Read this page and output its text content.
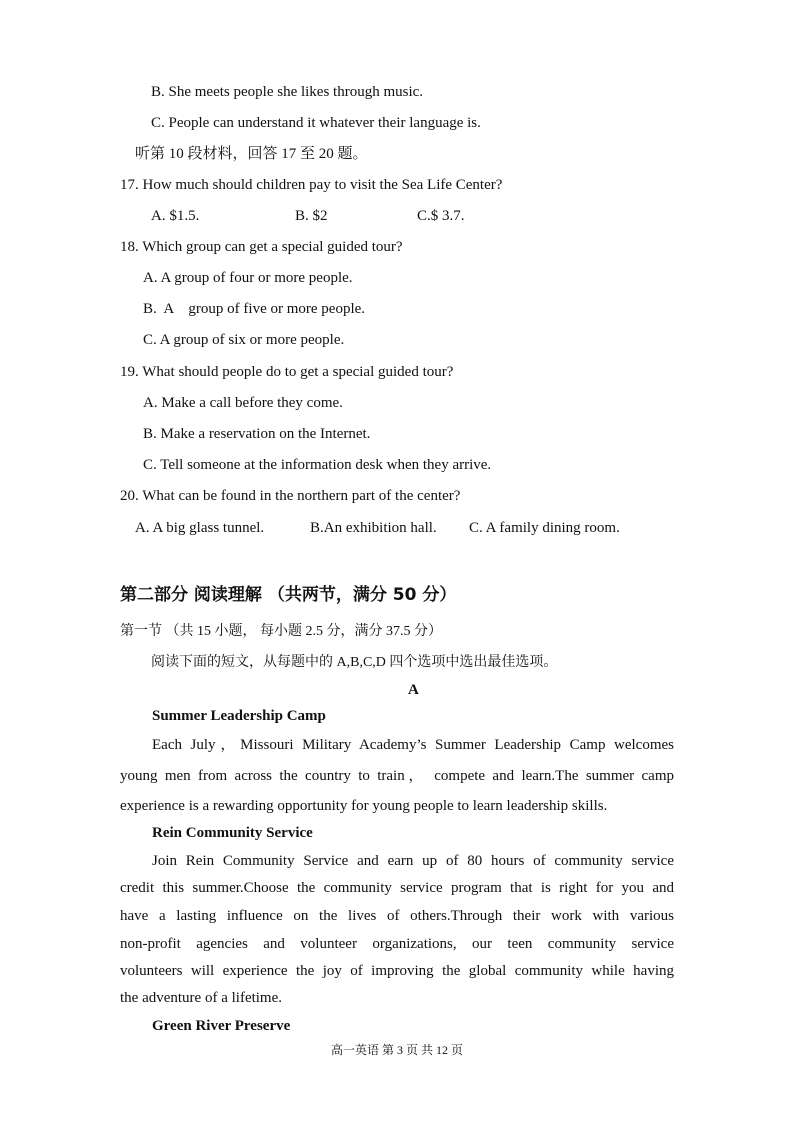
B. She meets people she likes through music.
C. People can understand it whatever their language is.
听第 10 段材料，回答 17 至 20 题。
17. How much should children pay to visit the Sea Life Center?
A. $1.5.	B. $2	C.$ 3.7.
18. Which group can get a special guided tour?
A. A group of four or more people.
B.  A    group of five or more people.
C. A group of six or more people.
19. What should people do to get a special guided tour?
A. Make a call before they come.
B. Make a reservation on the Internet.
C. Tell someone at the information desk when they arrive.
20. What can be found in the northern part of the center?
A. A big glass tunnel.	B.An exhibition hall. C. A family dining room.
第二部分 阅读理解 （共两节，满分 50 分）
第一节 （共 15 小题， 每小题 2.5 分，满分 37.5 分）
阅读下面的短文，从每题中的 A,B,C,D 四个选项中选出最佳选项。
A
Summer Leadership Camp
Each July，Missouri Military Academy’s Summer Leadership Camp welcomes
young men from across the country to train， compete and learn.The summer camp
experience is a rewarding opportunity for young people to learn leadership skills.
Rein Community Service
Join Rein Community Service and earn up of 80 hours of community service
credit this summer.Choose the community service program that is right for you and
have a lasting influence on the lives of others.Through their work with various
non-profit agencies and volunteer organizations, our teen community service
volunteers will experience the joy of improving the global community while having
the adventure of a lifetime.
Green River Preserve
高一英语 第 3 页 共 12 页
